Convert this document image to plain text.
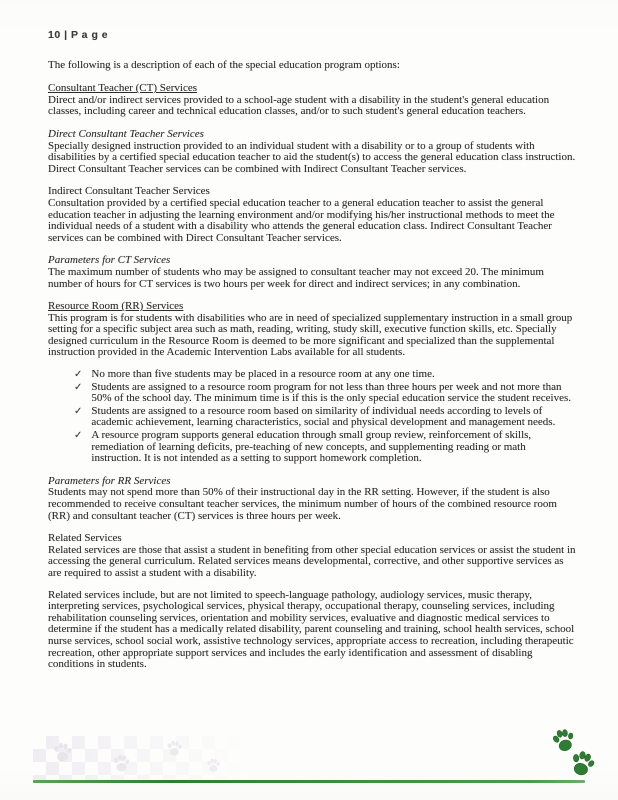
10 | P a g e

The following is a description of each of the special education program options:

Consultant Teacher (CT) Services

Direct and/or indirect services provided to a school-age student with a disability in the student's general education classes, including career and technical education classes, and/or to such student's general education teachers.

Direct Consultant Teacher Services

Specially designed instruction provided to an individual student with a disability or to a group of students with disabilities by a certified special education teacher to aid the student(s) to access the general education class instruction. Direct Consultant Teacher services can be combined with Indirect Consultant Teacher services.

Indirect Consultant Teacher Services

Consultation provided by a certified special education teacher to a general education teacher to assist the general education teacher in adjusting the learning environment and/or modifying his/her instructional methods to meet the individual needs of a student with a disability who attends the general education class. Indirect Consultant Teacher services can be combined with Direct Consultant Teacher services.

Parameters for CT Services

The maximum number of students who may be assigned to consultant teacher may not exceed 20. The minimum number of hours for CT services is two hours per week for direct and indirect services; in any combination.

Resource Room (RR) Services

This program is for students with disabilities who are in need of specialized supplementary instruction in a small group setting for a specific subject area such as math, reading, writing, study skill, executive function skills, etc. Specially designed curriculum in the Resource Room is deemed to be more significant and specialized than the supplemental instruction provided in the Academic Intervention Labs available for all students.

✓ No more than five students may be placed in a resource room at any one time.
✓ Students are assigned to a resource room program for not less than three hours per week and not more than 50% of the school day. The minimum time is if this is the only special education service the student receives.
✓ Students are assigned to a resource room based on similarity of individual needs according to levels of academic achievement, learning characteristics, social and physical development and management needs.
✓ A resource program supports general education through small group review, reinforcement of skills, remediation of learning deficits, pre-teaching of new concepts, and supplementing reading or math instruction. It is not intended as a setting to support homework completion.
Parameters for RR Services

Students may not spend more than 50% of their instructional day in the RR setting. However, if the student is also recommended to receive consultant teacher services, the minimum number of hours of the combined resource room (RR) and consultant teacher (CT) services is three hours per week.

Related Services

Related services are those that assist a student in benefiting from other special education services or assist the student in accessing the general curriculum. Related services means developmental, corrective, and other supportive services as are required to assist a student with a disability.

Related services include, but are not limited to speech-language pathology, audiology services, music therapy, interpreting services, psychological services, physical therapy, occupational therapy, counseling services, including rehabilitation counseling services, orientation and mobility services, evaluative and diagnostic medical services to determine if the student has a medically related disability, parent counseling and training, school health services, school nurse services, school social work, assistive technology services, appropriate access to recreation, including therapeutic recreation, other appropriate support services and includes the early identification and assessment of disabling conditions in students.
